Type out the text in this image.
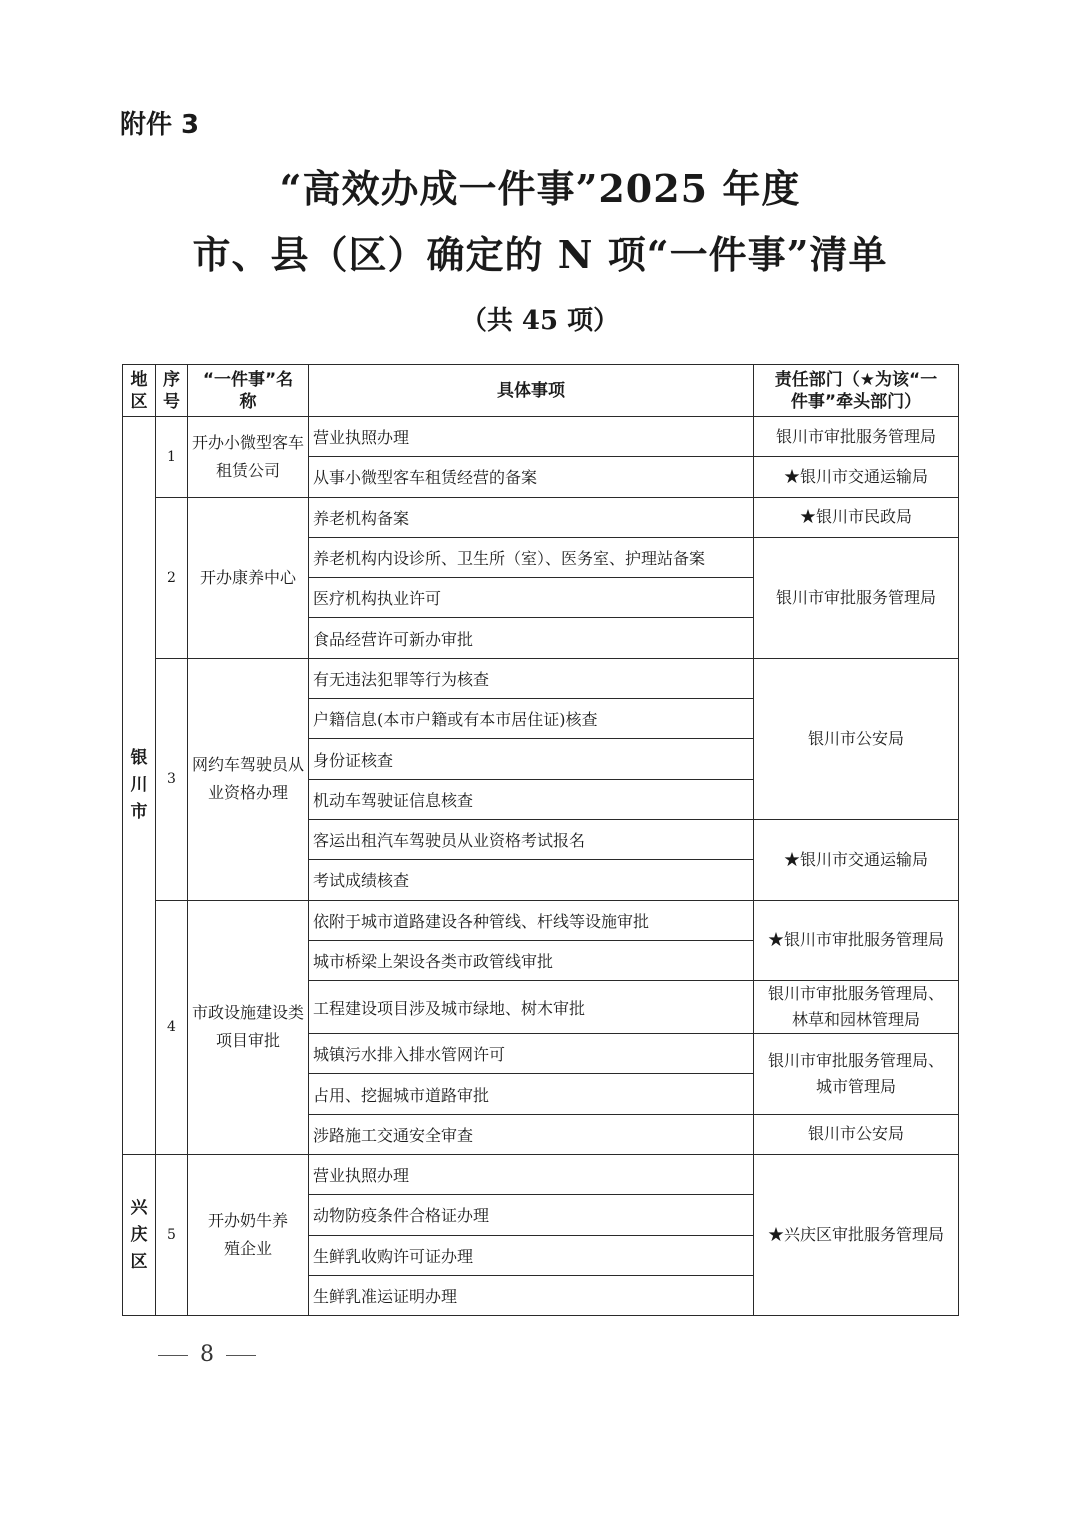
附件 3
“高效办成一件事”2025 年度
市、县（区）确定的 N 项“一件事”清单
（共 45 项）
地区	序号	“一件事”名称	具体事项	责任部门（★为该“一件事”牵头部门）
银川市	1	开办小微型客车租赁公司	营业执照办理	银川市审批服务管理局
			从事小微型客车租赁经营的备案	★银川市交通运输局
	2	开办康养中心	养老机构备案	★银川市民政局
			养老机构内设诊所、卫生所（室）、医务室、护理站备案	银川市审批服务管理局
			医疗机构执业许可	
			食品经营许可新办审批	
	3	网约车驾驶员从业资格办理	有无违法犯罪等行为核查	银川市公安局
			户籍信息(本市户籍或有本市居住证)核查	
			身份证核查	
			机动车驾驶证信息核查	
			客运出租汽车驾驶员从业资格考试报名	★银川市交通运输局
			考试成绩核查	
	4	市政设施建设类项目审批	依附于城市道路建设各种管线、杆线等设施审批	★银川市审批服务管理局
			城市桥梁上架设各类市政管线审批	
			工程建设项目涉及城市绿地、树木审批	银川市审批服务管理局、林草和园林管理局
			城镇污水排入排水管网许可	银川市审批服务管理局、城市管理局
			占用、挖掘城市道路审批	
			涉路施工交通安全审查	银川市公安局
兴庆区	5	开办奶牛养殖企业	营业执照办理	★兴庆区审批服务管理局
			动物防疫条件合格证办理	
			生鲜乳收购许可证办理	
			生鲜乳准运证明办理	
8
